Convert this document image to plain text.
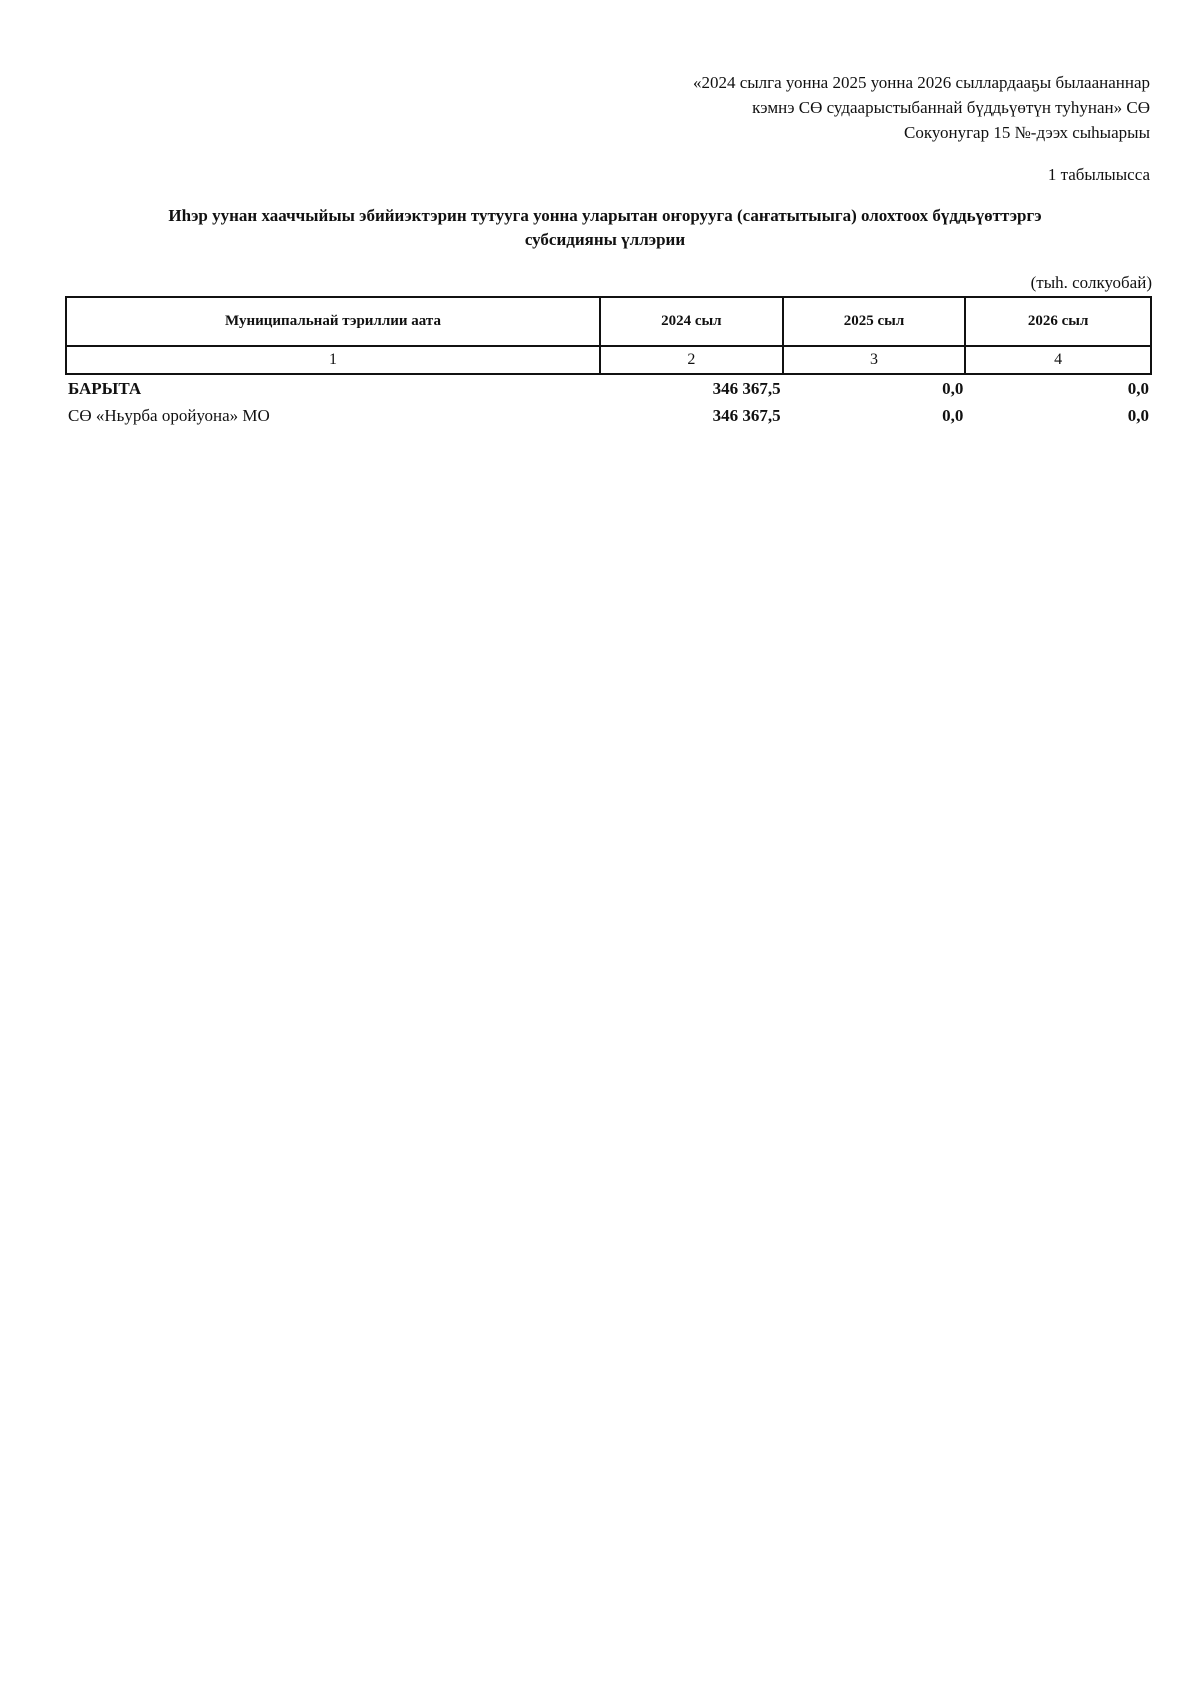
«2024 сылга уонна 2025 уонна 2026 сыллардааҕы былаананнар
кэмнэ СӨ судаарыстыбаннай бүддьүөтүн туһунан» СӨ
Сокуонугар 15 №-дээх сыһыарыы
1 табылыысса
Иһэр уунан хааччыйыы эбийиэктэрин тутууга уонна уларытан оҥоруугa (саҥатытыыга) олохтоох бүддьүөттэргэ
субсидияны үллэрии
(тыһ. солкуобай)
Муниципальнай тэриллии аата	2024 сыл	2025 сыл	2026 сыл
1	2	3	4
БАРЫТА	346 367,5	0,0	0,0
СӨ «Ньурба оройуона» МО	346 367,5	0,0	0,0
